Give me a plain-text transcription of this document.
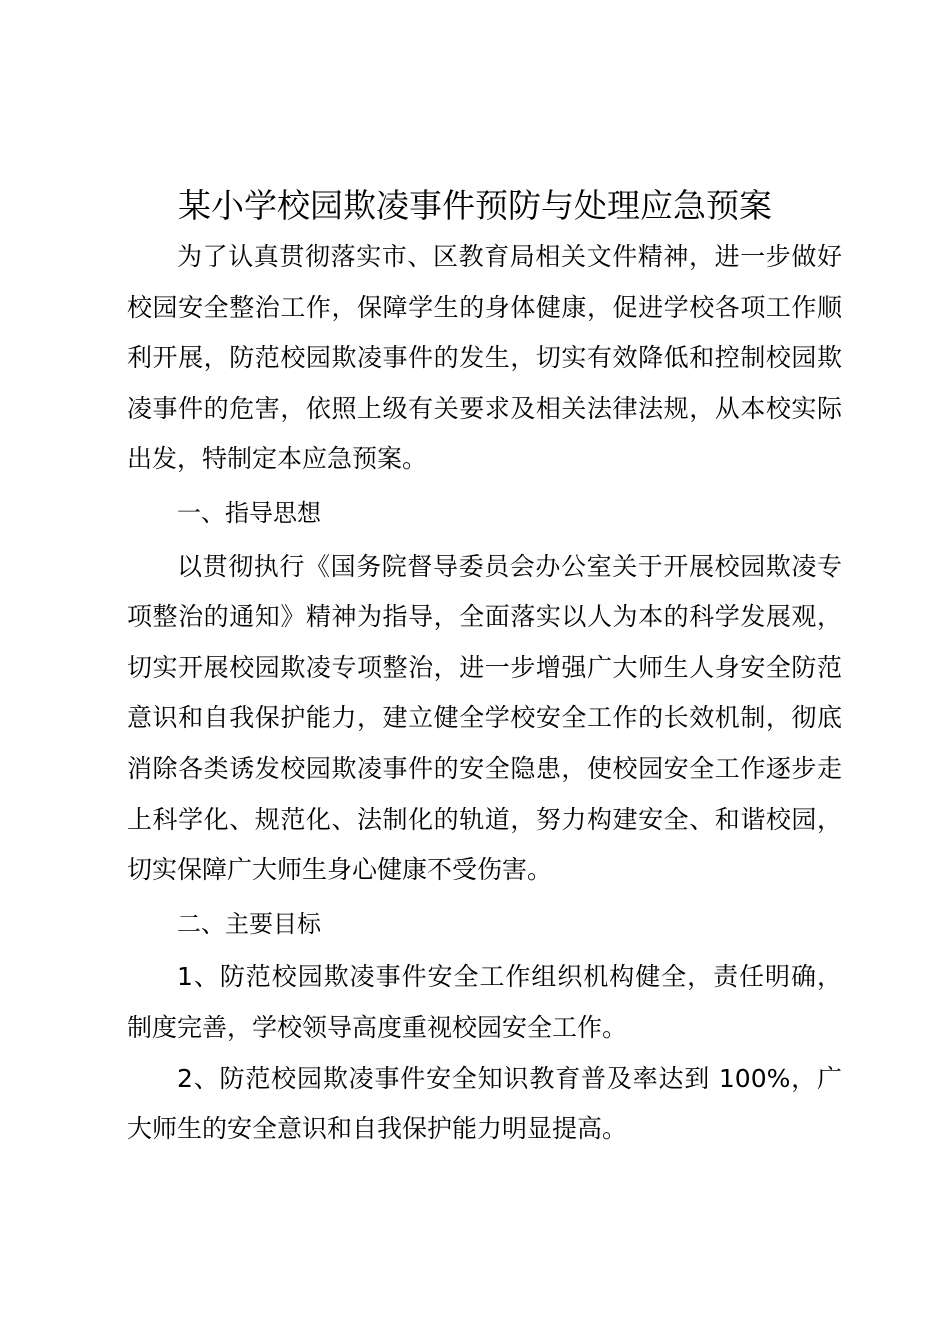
某小学校园欺凌事件预防与处理应急预案

为了认真贯彻落实市、区教育局相关文件精神，进一步做好校园安全整治工作，保障学生的身体健康，促进学校各项工作顺利开展，防范校园欺凌事件的发生，切实有效降低和控制校园欺凌事件的危害，依照上级有关要求及相关法律法规，从本校实际出发，特制定本应急预案。

一、指导思想

以贯彻执行《国务院督导委员会办公室关于开展校园欺凌专项整治的通知》精神为指导，全面落实以人为本的科学发展观，切实开展校园欺凌专项整治，进一步增强广大师生人身安全防范意识和自我保护能力，建立健全学校安全工作的长效机制，彻底消除各类诱发校园欺凌事件的安全隐患，使校园安全工作逐步走上科学化、规范化、法制化的轨道，努力构建安全、和谐校园，切实保障广大师生身心健康不受伤害。

二、主要目标

1、防范校园欺凌事件安全工作组织机构健全，责任明确，制度完善，学校领导高度重视校园安全工作。

2、防范校园欺凌事件安全知识教育普及率达到 100%，广大师生的安全意识和自我保护能力明显提高。
